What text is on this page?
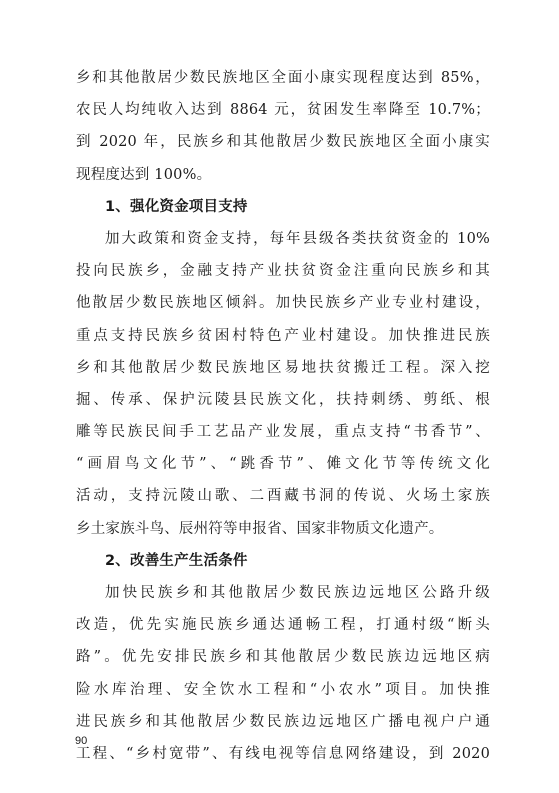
乡和其他散居少数民族地区全面小康实现程度达到 85%，
农民人均纯收入达到 8864 元，贫困发生率降至 10.7%；
到 2020 年，民族乡和其他散居少数民族地区全面小康实
现程度达到 100%。
1、强化资金项目支持
加大政策和资金支持，每年县级各类扶贫资金的 10%
投向民族乡，金融支持产业扶贫资金注重向民族乡和其
他散居少数民族地区倾斜。加快民族乡产业专业村建设，
重点支持民族乡贫困村特色产业村建设。加快推进民族
乡和其他散居少数民族地区易地扶贫搬迁工程。深入挖
掘、传承、保护沅陵县民族文化，扶持刺绣、剪纸、根
雕等民族民间手工艺品产业发展，重点支持“书香节”、
“画眉鸟文化节”、“跳香节”、傩文化节等传统文化
活动，支持沅陵山歌、二酉藏书洞的传说、火场土家族
乡土家族斗鸟、辰州符等申报省、国家非物质文化遗产。
2、改善生产生活条件
加快民族乡和其他散居少数民族边远地区公路升级
改造，优先实施民族乡通达通畅工程，打通村级“断头
路”。优先安排民族乡和其他散居少数民族边远地区病
险水库治理、安全饮水工程和“小农水”项目。加快推
进民族乡和其他散居少数民族边远地区广播电视户户通
工程、“乡村宽带”、有线电视等信息网络建设，到 2020
90
